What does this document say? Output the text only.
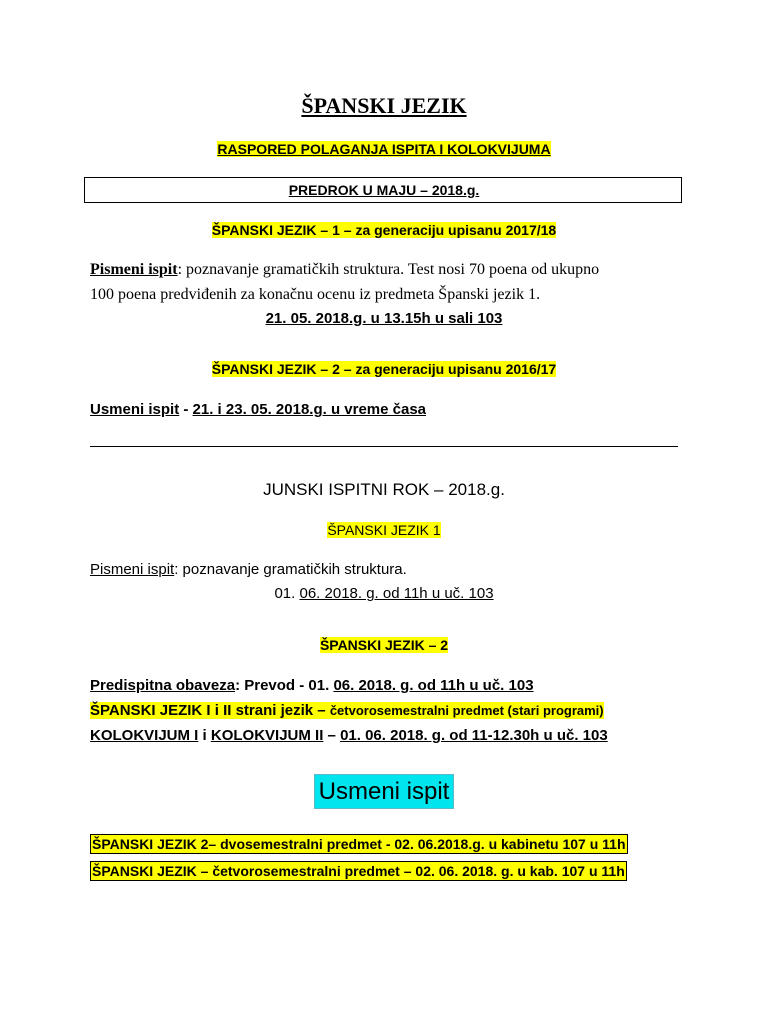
ŠPANSKI JEZIK
RASPORED POLAGANJA ISPITA I KOLOKVIJUMA
PREDROK U MAJU – 2018.g.
ŠPANSKI JEZIK – 1 – za generaciju upisanu 2017/18
Pismeni ispit: poznavanje gramatičkih struktura. Test nosi 70 poena od ukupno
100 poena predviđenih za konačnu ocenu iz predmeta Španski jezik 1.
21. 05. 2018.g. u 13.15h u sali 103
ŠPANSKI JEZIK – 2 – za generaciju upisanu 2016/17
Usmeni ispit - 21. i 23. 05. 2018.g. u vreme časa
JUNSKI ISPITNI ROK – 2018.g.
ŠPANSKI JEZIK 1
Pismeni ispit: poznavanje gramatičkih struktura.
01. 06. 2018. g. od 11h u uč. 103
ŠPANSKI JEZIK – 2
Predispitna obaveza: Prevod - 01. 06. 2018. g. od 11h u uč. 103
ŠPANSKI JEZIK I i II strani jezik – četvorosemestralni predmet (stari programi)
KOLOKVIJUM I i KOLOKVIJUM II – 01. 06. 2018. g. od 11-12.30h u uč. 103
Usmeni ispit
ŠPANSKI JEZIK 2– dvosemestralni predmet - 02. 06.2018.g. u kabinetu 107 u 11h
ŠPANSKI JEZIK – četvorosemestralni predmet – 02. 06. 2018. g. u kab. 107 u 11h
